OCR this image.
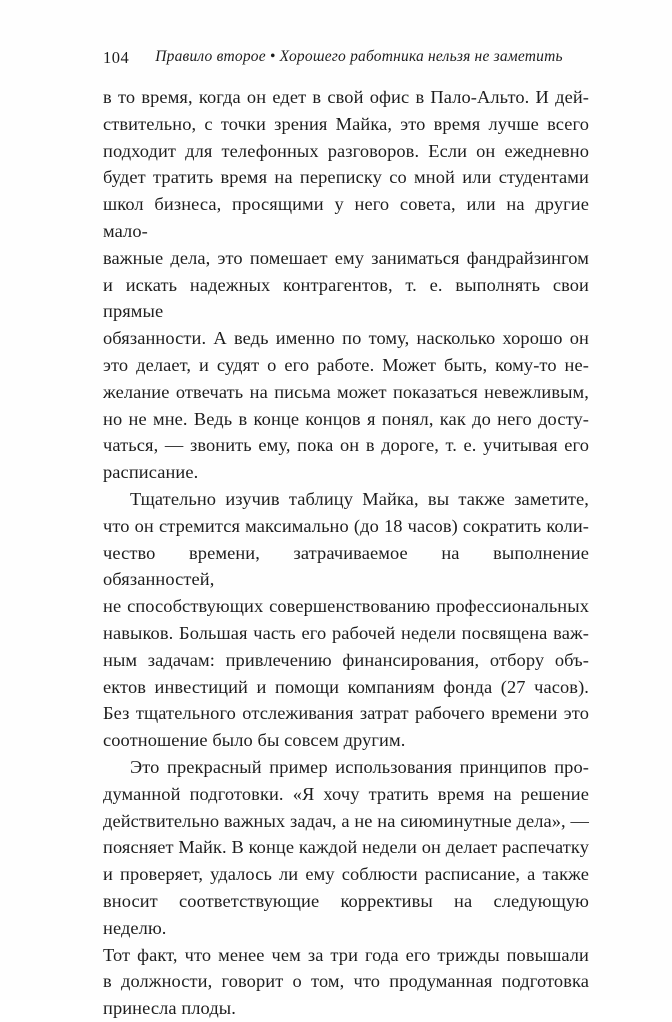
104	Правило второе • Хорошего работника нельзя не заметить
в то время, когда он едет в свой офис в Пало-Альто. И дей-
ствительно, с точки зрения Майка, это время лучше всего
подходит для телефонных разговоров. Если он ежедневно
будет тратить время на переписку со мной или студентами
школ бизнеса, просящими у него совета, или на другие мало-
важные дела, это помешает ему заниматься фандрайзингом
и искать надежных контрагентов, т. е. выполнять свои прямые
обязанности. А ведь именно по тому, насколько хорошо он
это делает, и судят о его работе. Может быть, кому-то не-
желание отвечать на письма может показаться невежливым,
но не мне. Ведь в конце концов я понял, как до него досту-
чаться, — звонить ему, пока он в дороге, т. е. учитывая его
расписание.
Тщательно изучив таблицу Майка, вы также заметите,
что он стремится максимально (до 18 часов) сократить коли-
чество времени, затрачиваемое на выполнение обязанностей,
не способствующих совершенствованию профессиональных
навыков. Большая часть его рабочей недели посвящена важ-
ным задачам: привлечению финансирования, отбору объ-
ектов инвестиций и помощи компаниям фонда (27 часов).
Без тщательного отслеживания затрат рабочего времени это
соотношение было бы совсем другим.
Это прекрасный пример использования принципов про-
думанной подготовки. «Я хочу тратить время на решение
действительно важных задач, а не на сиюминутные дела», —
поясняет Майк. В конце каждой недели он делает распечатку
и проверяет, удалось ли ему соблюсти расписание, а также
вносит соответствующие коррективы на следующую неделю.
Тот факт, что менее чем за три года его трижды повышали
в должности, говорит о том, что продуманная подготовка
принесла плоды.
